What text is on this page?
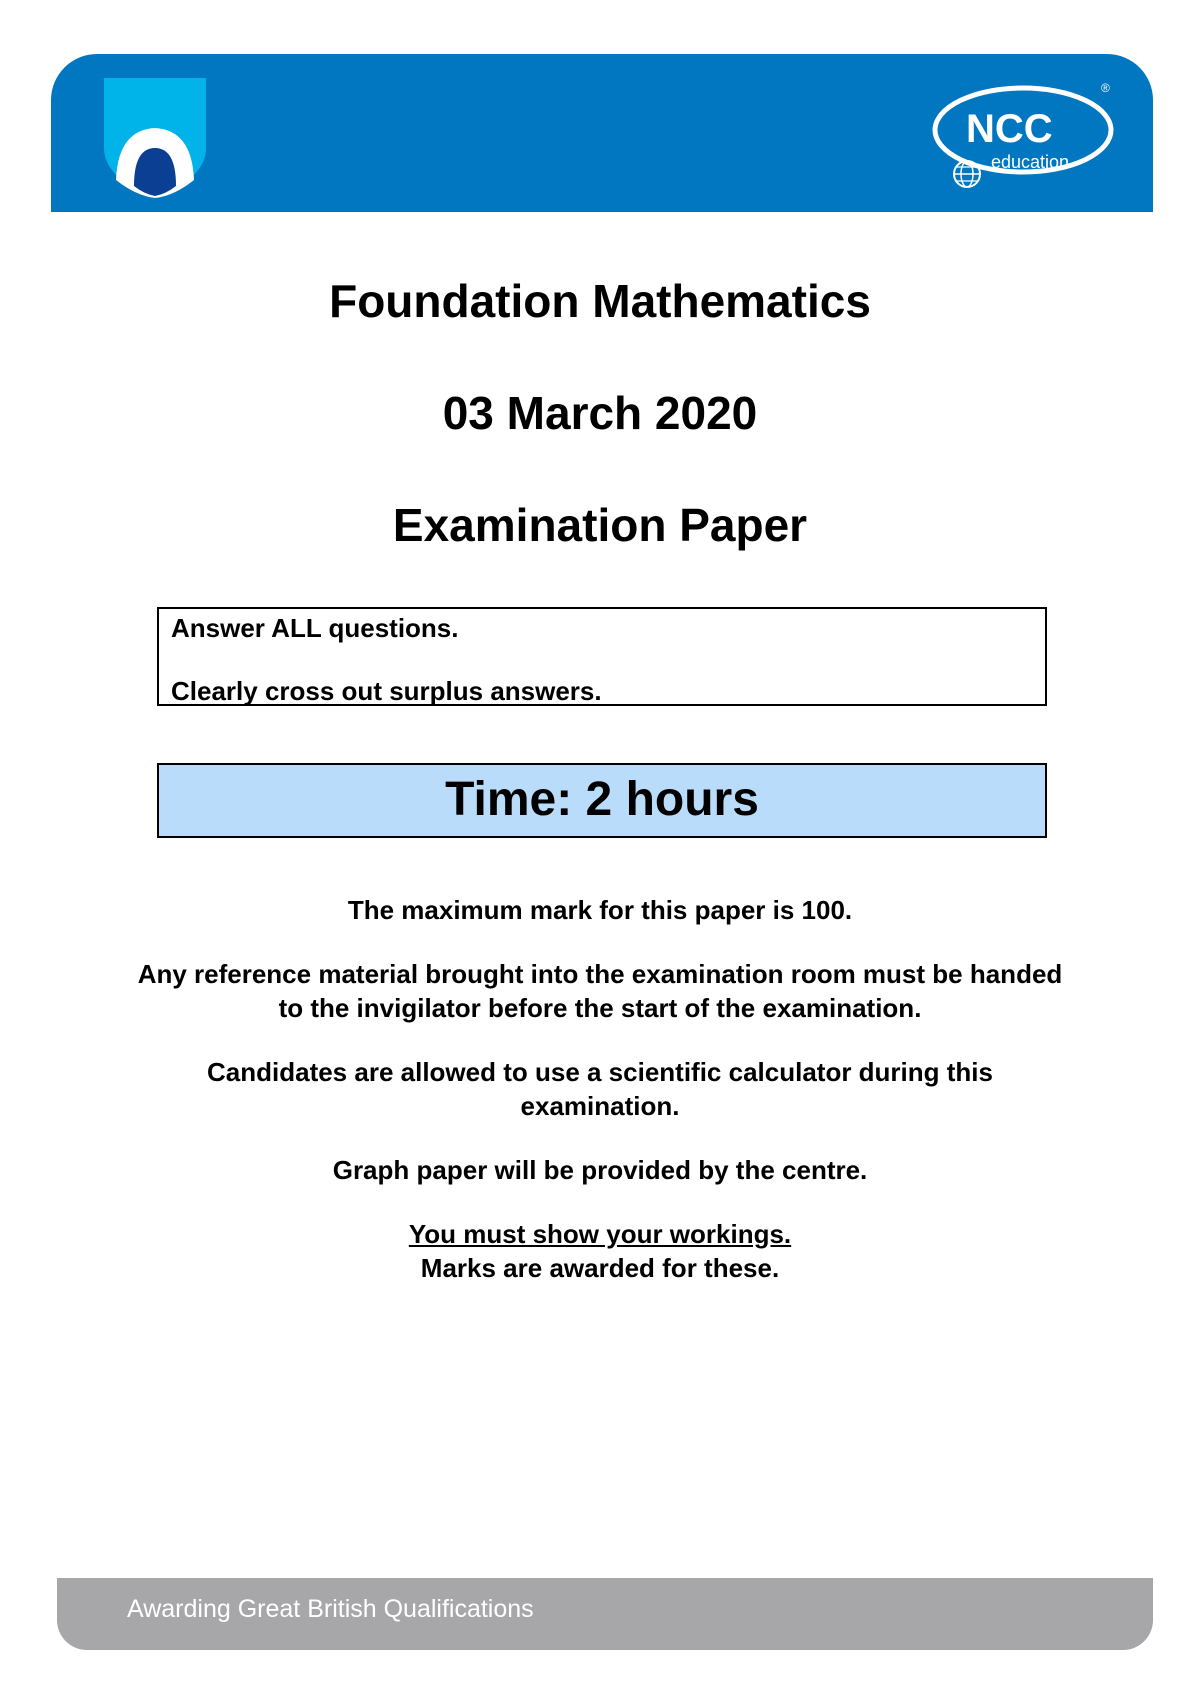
NCC
education
®
Foundation Mathematics
03 March 2020
Examination Paper
Answer ALL questions.
Clearly cross out surplus answers.
Time: 2 hours

The maximum mark for this paper is 100.

Any reference material brought into the examination room must be handed to the invigilator before the start of the examination.

Candidates are allowed to use a scientific calculator during this examination.

Graph paper will be provided by the centre.

You must show your workings.
Marks are awarded for these.

Awarding Great British Qualifications
